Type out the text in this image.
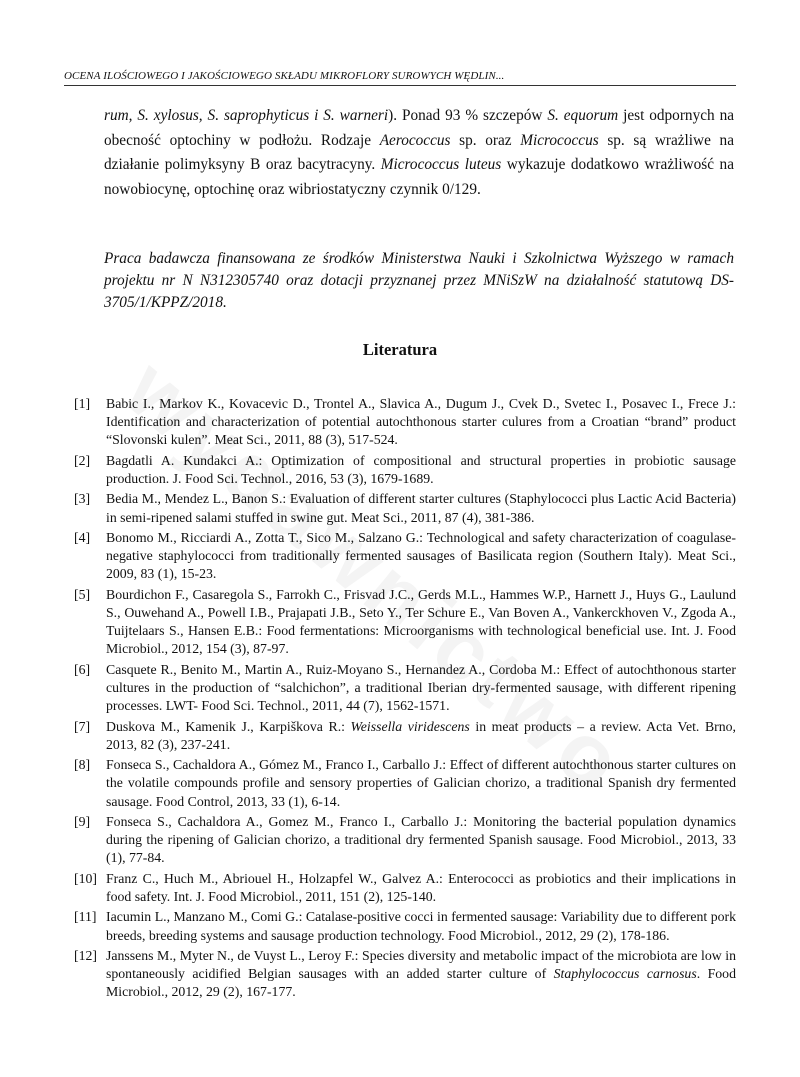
OCENA ILOŚCIOWEGO I JAKOŚCIOWEGO SKŁADU MIKROFLORY SUROWYCH WĘDLIN...

rum, S. xylosus, S. saprophyticus i S. warneri). Ponad 93 % szczepów S. equorum jest odpornych na obecność optochiny w podłożu. Rodzaje Aerococcus sp. oraz Micrococcus sp. są wrażliwe na działanie polimyksyny B oraz bacytracyny. Micrococcus luteus wykazuje dodatkowo wrażliwość na nowobiocynę, optochinę oraz wibriostatyczny czynnik 0/129.

Praca badawcza finansowana ze środków Ministerstwa Nauki i Szkolnictwa Wyższego w ramach projektu nr N N312305740 oraz dotacji przyznanej przez MNiSzW na działalność statutową DS-3705/1/KPPZ/2018.
Literatura
[1]	Babic I., Markov K., Kovacevic D., Trontel A., Slavica A., Dugum J., Cvek D., Svetec I., Posavec I., Frece J.: Identification and characterization of potential autochthonous starter culures from a Croatian “brand” product “Slovonski kulen”. Meat Sci., 2011, 88 (3), 517-524.
[2]	Bagdatli A. Kundakci A.: Optimization of compositional and structural properties in probiotic sausage production. J. Food Sci. Technol., 2016, 53 (3), 1679-1689.
[3]	Bedia M., Mendez L., Banon S.: Evaluation of different starter cultures (Staphylococci plus Lactic Acid Bacteria) in semi-ripened salami stuffed in swine gut. Meat Sci., 2011, 87 (4), 381-386.
[4]	Bonomo M., Ricciardi A., Zotta T., Sico M., Salzano G.: Technological and safety characterization of coagulase-negative staphylococci from traditionally fermented sausages of Basilicata region (Southern Italy). Meat Sci., 2009, 83 (1), 15-23.
[5]	Bourdichon F., Casaregola S., Farrokh C., Frisvad J.C., Gerds M.L., Hammes W.P., Harnett J., Huys G., Laulund S., Ouwehand A., Powell I.B., Prajapati J.B., Seto Y., Ter Schure E., Van Boven A., Vankerckhoven V., Zgoda A., Tuijtelaars S., Hansen E.B.: Food fermentations: Microorganisms with technological beneficial use. Int. J. Food Microbiol., 2012, 154 (3), 87-97.
[6]	Casquete R., Benito M., Martin A., Ruiz-Moyano S., Hernandez A., Cordoba M.: Effect of autochthonous starter cultures in the production of “salchichon”, a traditional Iberian dry-fermented sausage, with different ripening processes. LWT- Food Sci. Technol., 2011, 44 (7), 1562-1571.
[7]	Duskova M., Kamenik J., Karpiškova R.: Weissella viridescens in meat products – a review. Acta Vet. Brno, 2013, 82 (3), 237-241.
[8]	Fonseca S., Cachaldora A., Gómez M., Franco I., Carballo J.: Effect of different autochthonous starter cultures on the volatile compounds profile and sensory properties of Galician chorizo, a traditional Spanish dry fermented sausage. Food Control, 2013, 33 (1), 6-14.
[9]	Fonseca S., Cachaldora A., Gomez M., Franco I., Carballo J.: Monitoring the bacterial population dynamics during the ripening of Galician chorizo, a traditional dry fermented Spanish sausage. Food Microbiol., 2013, 33 (1), 77-84.
[10] Franz C., Huch M., Abriouel H., Holzapfel W., Galvez A.: Enterococci as probiotics and their implications in food safety. Int. J. Food Microbiol., 2011, 151 (2), 125-140.
[11] Iacumin L., Manzano M., Comi G.: Catalase-positive cocci in fermented sausage: Variability due to different pork breeds, breeding systems and sausage production technology. Food Microbiol., 2012, 29 (2), 178-186.
[12] Janssens M., Myter N., de Vuyst L., Leroy F.: Species diversity and metabolic impact of the microbiota are low in spontaneously acidified Belgian sausages with an added starter culture of Staphylococcus carnosus. Food Microbiol., 2012, 29 (2), 167-177.
